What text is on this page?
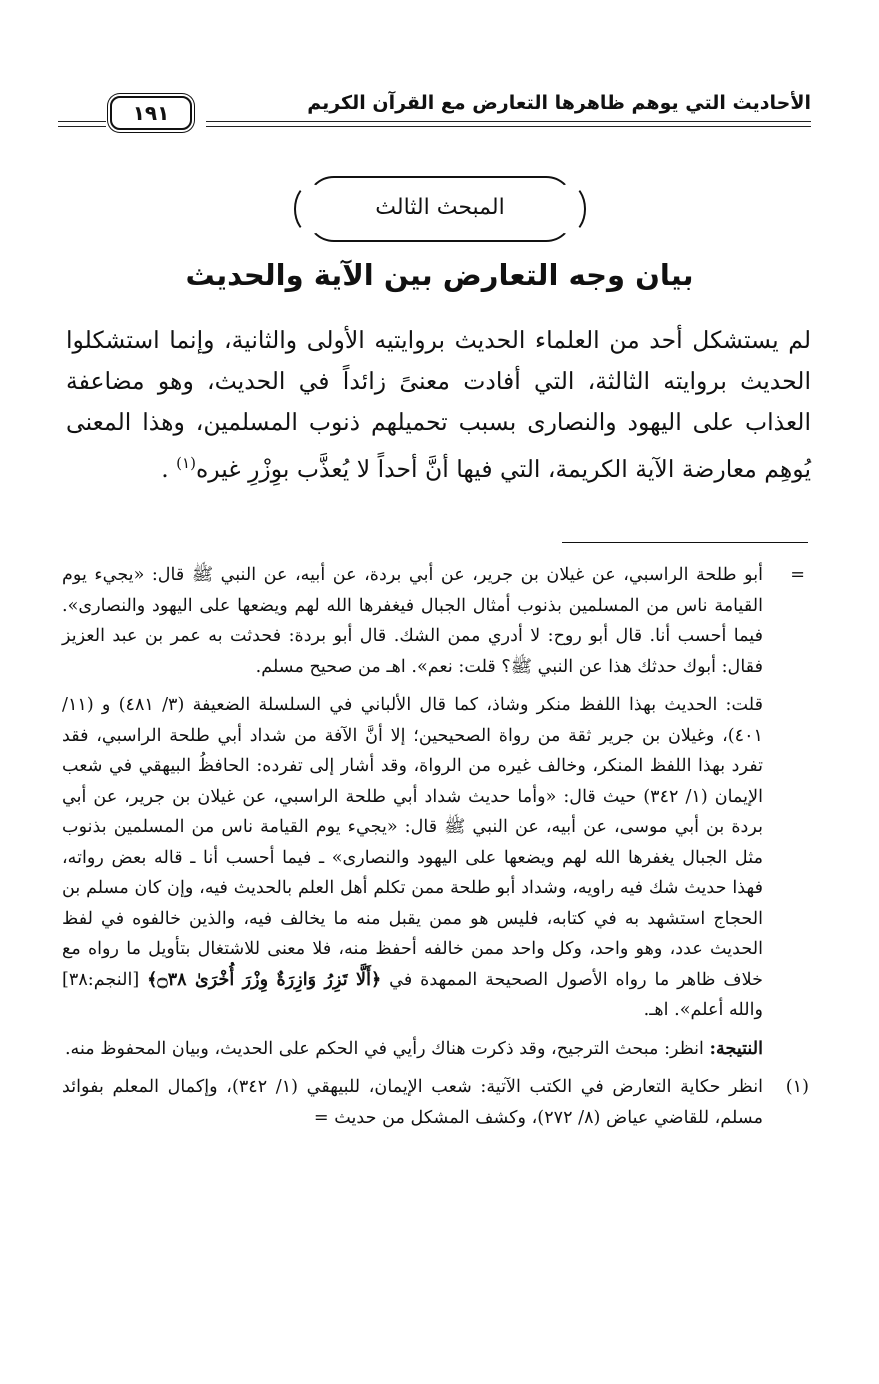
الأحاديث التي يوهم ظاهرها التعارض مع القرآن الكريم
١٩١
المبحث الثالث
بيان وجه التعارض بين الآية والحديث
لم يستشكل أحد من العلماء الحديث بروايتيه الأولى والثانية، وإنما استشكلوا الحديث بروايته الثالثة، التي أفادت معنىً زائداً في الحديث، وهو مضاعفة العذاب على اليهود والنصارى بسبب تحميلهم ذنوب المسلمين، وهذا المعنى يُوهِم معارضة الآية الكريمة، التي فيها أنَّ أحداً لا يُعذَّب بوِزْرِ غيره$^{(١)}$ .

=
أبو طلحة الراسبي، عن غيلان بن جرير، عن أبي بردة، عن أبيه، عن النبي ﷺ قال: «يجيء يوم القيامة ناس من المسلمين بذنوب أمثال الجبال فيغفرها الله لهم ويضعها على اليهود والنصارى». فيما أحسب أنا. قال أبو روح: لا أدري ممن الشك. قال أبو بردة: فحدثت به عمر بن عبد العزيز فقال: أبوك حدثك هذا عن النبي ﷺ؟ قلت: نعم». اهـ من صحيح مسلم.

قلت: الحديث بهذا اللفظ منكر وشاذ، كما قال الألباني في السلسلة الضعيفة (٣/ ٤٨١) و (١١/ ٤٠١)، وغيلان بن جرير ثقة من رواة الصحيحين؛ إلا أنَّ الآفة من شداد أبي طلحة الراسبي، فقد تفرد بهذا اللفظ المنكر، وخالف غيره من الرواة، وقد أشار إلى تفرده: الحافظُ البيهقي في شعب الإيمان (١/ ٣٤٢) حيث قال: «وأما حديث شداد أبي طلحة الراسبي، عن غيلان بن جرير، عن أبي بردة بن أبي موسى، عن أبيه، عن النبي ﷺ قال: «يجيء يوم القيامة ناس من المسلمين بذنوب مثل الجبال يغفرها الله لهم ويضعها على اليهود والنصارى» ـ فيما أحسب أنا ـ قاله بعض رواته، فهذا حديث شك فيه راويه، وشداد أبو طلحة ممن تكلم أهل العلم بالحديث فيه، وإن كان مسلم بن الحجاج استشهد به في كتابه، فليس هو ممن يقبل منه ما يخالف فيه، والذين خالفوه في لفظ الحديث عدد، وهو واحد، وكل واحد ممن خالفه أحفظ منه، فلا معنى للاشتغال بتأويل ما رواه مع خلاف ظاهر ما رواه الأصول الصحيحة الممهدة في ﴿أَلَّا تَزِرُ وَازِرَةٌ وِزْرَ أُخْرَىٰ ۝٣٨﴾ [النجم:٣٨] والله أعلم». اهـ.

النتيجة: انظر: مبحث الترجيح، وقد ذكرت هناك رأيي في الحكم على الحديث، وبيان المحفوظ منه.

(١)
انظر حكاية التعارض في الكتب الآتية: شعب الإيمان، للبيهقي (١/ ٣٤٢)، وإكمال المعلم بفوائد مسلم، للقاضي عياض (٨/ ٢٧٢)، وكشف المشكل من حديث =
